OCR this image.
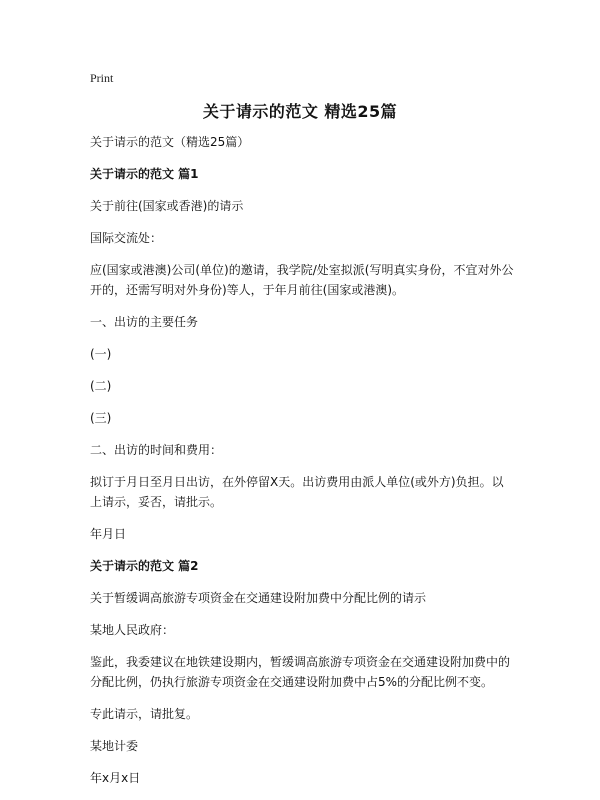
Print
关于请示的范文 精选25篇

关于请示的范文（精选25篇）

关于请示的范文 篇1

关于前往(国家或香港)的请示

国际交流处：

应(国家或港澳)公司(单位)的邀请，我学院/处室拟派(写明真实身份，不宜对外公开的，还需写明对外身份)等人，于年月前往(国家或港澳)。

一、出访的主要任务

(一)

(二)

(三)

二、出访的时间和费用：

拟订于月日至月日出访，在外停留X天。出访费用由派人单位(或外方)负担。以上请示，妥否，请批示。

年月日

关于请示的范文 篇2

关于暂缓调高旅游专项资金在交通建设附加费中分配比例的请示

某地人民政府：

鉴此，我委建议在地铁建设期内，暂缓调高旅游专项资金在交通建设附加费中的分配比例，仍执行旅游专项资金在交通建设附加费中占5%的分配比例不变。

专此请示，请批复。

某地计委

年x月x日
